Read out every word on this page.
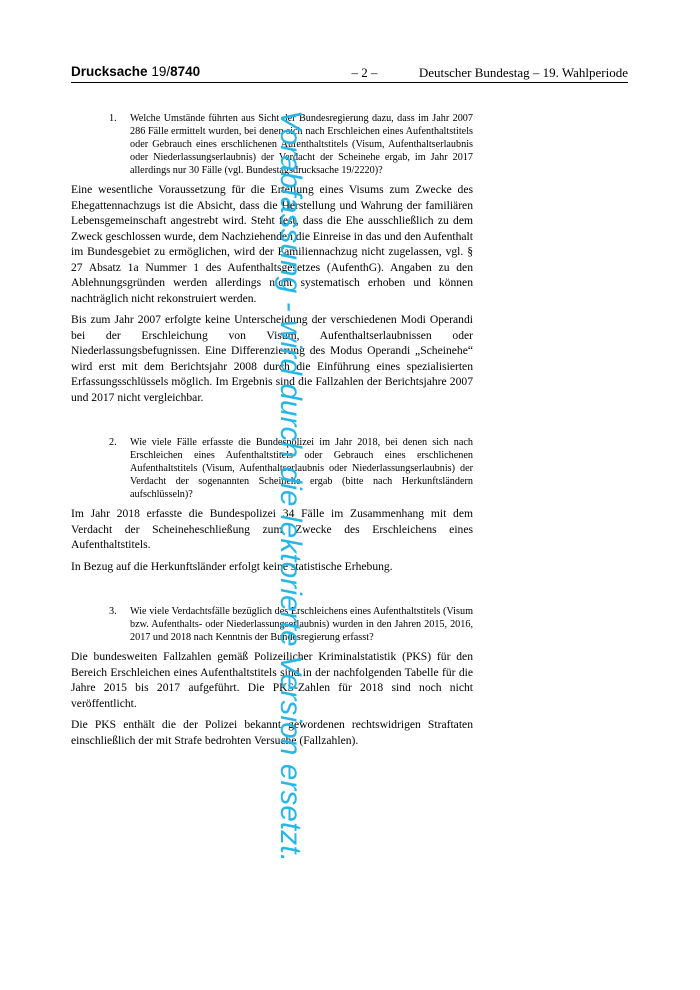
Drucksache 19/8740	– 2 –	Deutscher Bundestag – 19. Wahlperiode
1.	Welche Umstände führten aus Sicht der Bundesregierung dazu, dass im Jahr 2007 286 Fälle ermittelt wurden, bei denen sich nach Erschleichen eines Aufenthaltstitels oder Gebrauch eines erschlichenen Aufenthaltstitels (Visum, Aufenthaltserlaubnis oder Niederlassungserlaubnis) der Verdacht der Scheinehe ergab, im Jahr 2017 allerdings nur 30 Fälle (vgl. Bundestagsdrucksache 19/2220)?

Eine wesentliche Voraussetzung für die Erteilung eines Visums zum Zwecke des Ehegattennachzugs ist die Absicht, dass die Herstellung und Wahrung der familiären Lebensgemeinschaft angestrebt wird. Steht fest, dass die Ehe ausschließlich zu dem Zweck geschlossen wurde, dem Nachziehenden die Einreise in das und den Aufenthalt im Bundesgebiet zu ermöglichen, wird der Familiennachzug nicht zugelassen, vgl. § 27 Absatz 1a Nummer 1 des Aufenthaltsgesetzes (AufenthG). Angaben zu den Ablehnungsgründen werden allerdings nicht systematisch erhoben und können nachträglich nicht rekonstruiert werden.

Bis zum Jahr 2007 erfolgte keine Unterscheidung der verschiedenen Modi Operandi bei der Erschleichung von Visum, Aufenthaltserlaubnissen oder Niederlassungsbefugnissen. Eine Differenzierung des Modus Operandi „Scheinehe“ wird erst mit dem Berichtsjahr 2008 durch die Einführung eines spezialisierten Erfassungsschlüssels möglich. Im Ergebnis sind die Fallzahlen der Berichtsjahre 2007 und 2017 nicht vergleichbar.

2.	Wie viele Fälle erfasste die Bundespolizei im Jahr 2018, bei denen sich nach Erschleichen eines Aufenthaltstitels oder Gebrauch eines erschlichenen Aufenthaltstitels (Visum, Aufenthaltserlaubnis oder Niederlassungserlaubnis) der Verdacht der sogenannten Scheinehe ergab (bitte nach Herkunftsländern aufschlüsseln)?

Im Jahr 2018 erfasste die Bundespolizei 34 Fälle im Zusammenhang mit dem Verdacht der Scheineheschließung zum Zwecke des Erschleichens eines Aufenthaltstitels.

In Bezug auf die Herkunftsländer erfolgt keine statistische Erhebung.

3.	Wie viele Verdachtsfälle bezüglich des Erschleichens eines Aufenthaltstitels (Visum bzw. Aufenthalts- oder Niederlassungserlaubnis) wurden in den Jahren 2015, 2016, 2017 und 2018 nach Kenntnis der Bundesregierung erfasst?

Die bundesweiten Fallzahlen gemäß Polizeilicher Kriminalstatistik (PKS) für den Bereich Erschleichen eines Aufenthaltstitels sind in der nachfolgenden Tabelle für die Jahre 2015 bis 2017 aufgeführt. Die PKS-Zahlen für 2018 sind noch nicht veröffentlicht.

Die PKS enthält die der Polizei bekannt gewordenen rechtswidrigen Straftaten einschließlich der mit Strafe bedrohten Versuche (Fallzahlen).

Vorabfassung - wird durch die lektorierte Version ersetzt.
